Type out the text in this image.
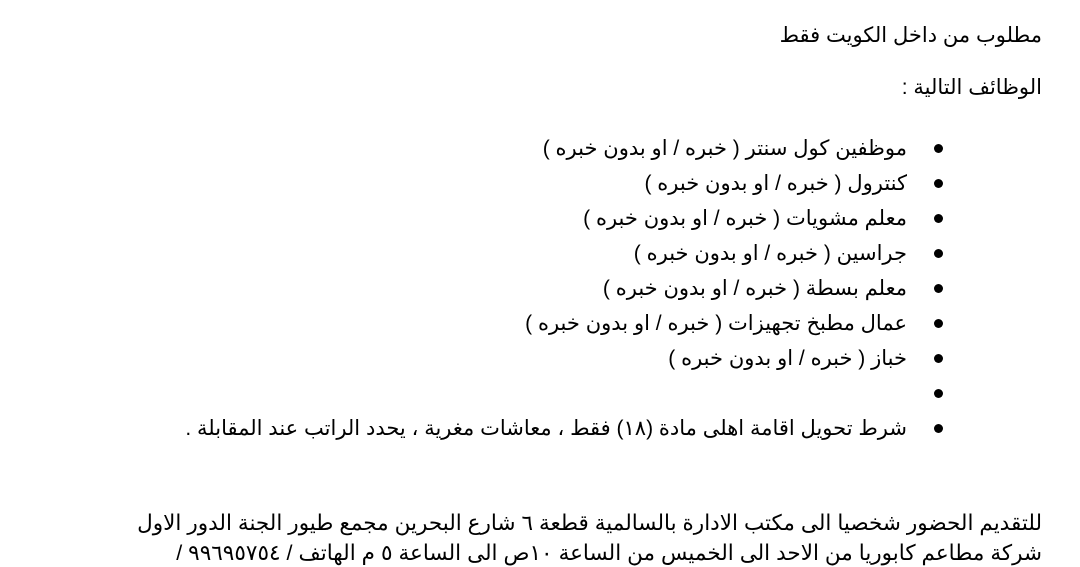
مطلوب من داخل الكويت فقط

الوظائف التالية :

موظفين كول سنتر ( خبره / او بدون خبره )
كنترول ( خبره / او بدون خبره )
معلم مشويات ( خبره / او بدون خبره )
جراسين ( خبره / او بدون خبره )
معلم بسطة ( خبره / او بدون خبره )
عمال مطبخ تجهيزات ( خبره / او بدون خبره )
خباز ( خبره / او بدون خبره )
شرط تحويل اقامة اهلى مادة (١٨) فقط ، معاشات مغرية ، يحدد الراتب عند المقابلة .

للتقديم الحضور شخصيا الى مكتب الادارة بالسالمية قطعة ٦ شارع البحرين مجمع طيور الجنة الدور الاول

شركة مطاعم كابوريا من الاحد الى الخميس من الساعة ١٠ص الى الساعة ٥ م الهاتف / ٩٩٦٩٥٧٥٤ /
